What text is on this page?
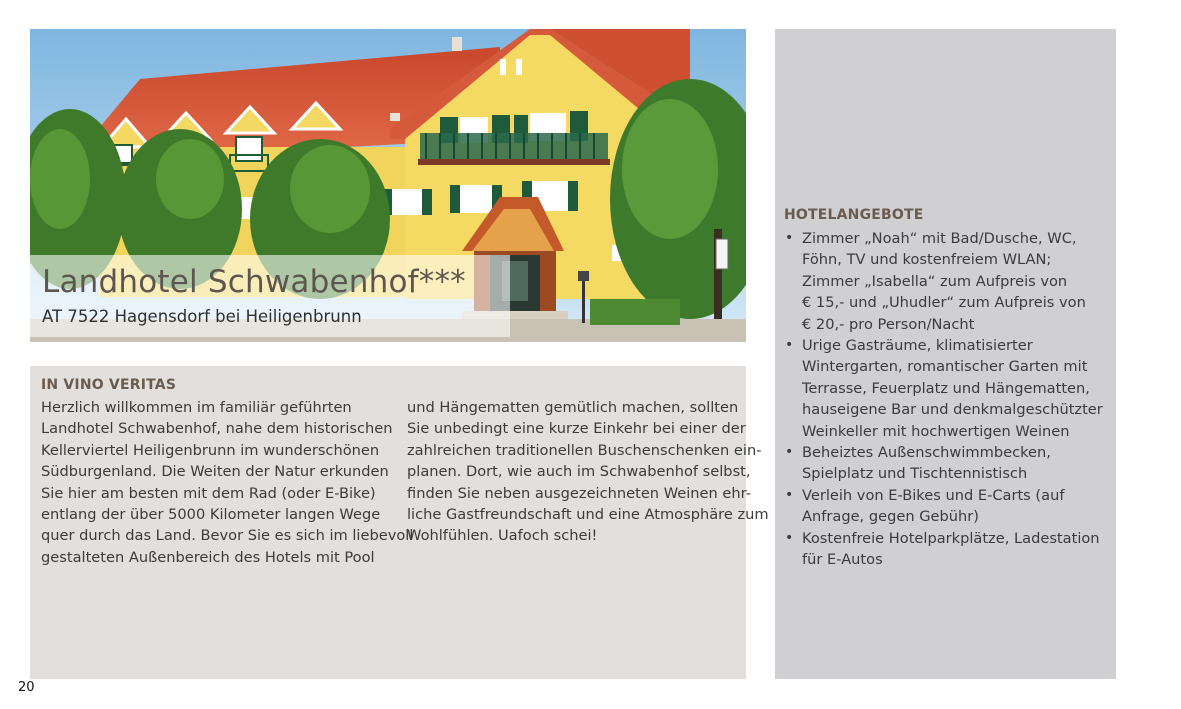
Landhotel Schwabenhof***
AT 7522 Hagensdorf bei Heiligenbrunn
IN VINO VERITAS
Herzlich willkommen im familiär geführten
Landhotel Schwabenhof, nahe dem historischen
Kellerviertel Heiligenbrunn im wunderschönen
Südburgenland. Die Weiten der Natur erkunden
Sie hier am besten mit dem Rad (oder E-Bike)
entlang der über 5000 Kilometer langen Wege
quer durch das Land. Bevor Sie es sich im liebevoll
gestalteten Außenbereich des Hotels mit Pool
und Hängematten gemütlich machen, sollten
Sie unbedingt eine kurze Einkehr bei einer der
zahlreichen traditionellen Buschenschenken ein-
planen. Dort, wie auch im Schwabenhof selbst,
finden Sie neben ausgezeichneten Weinen ehr-
liche Gastfreundschaft und eine Atmosphäre zum
Wohlfühlen. Uafoch schei!
HOTELANGEBOTE
• Zimmer „Noah“ mit Bad/Dusche, WC,
Föhn, TV und kostenfreiem WLAN;
Zimmer „Isabella“ zum Aufpreis von
€ 15,- und „Uhudler“ zum Aufpreis von
€ 20,- pro Person/Nacht
• Urige Gasträume, klimatisierter
Wintergarten, romantischer Garten mit
Terrasse, Feuerplatz und Hängematten,
hauseigene Bar und denkmalgeschützter
Weinkeller mit hochwertigen Weinen
• Beheiztes Außenschwimmbecken,
Spielplatz und Tischtennistisch
• Verleih von E-Bikes und E-Carts (auf
Anfrage, gegen Gebühr)
• Kostenfreie Hotelparkplätze, Ladestation
für E-Autos
20
